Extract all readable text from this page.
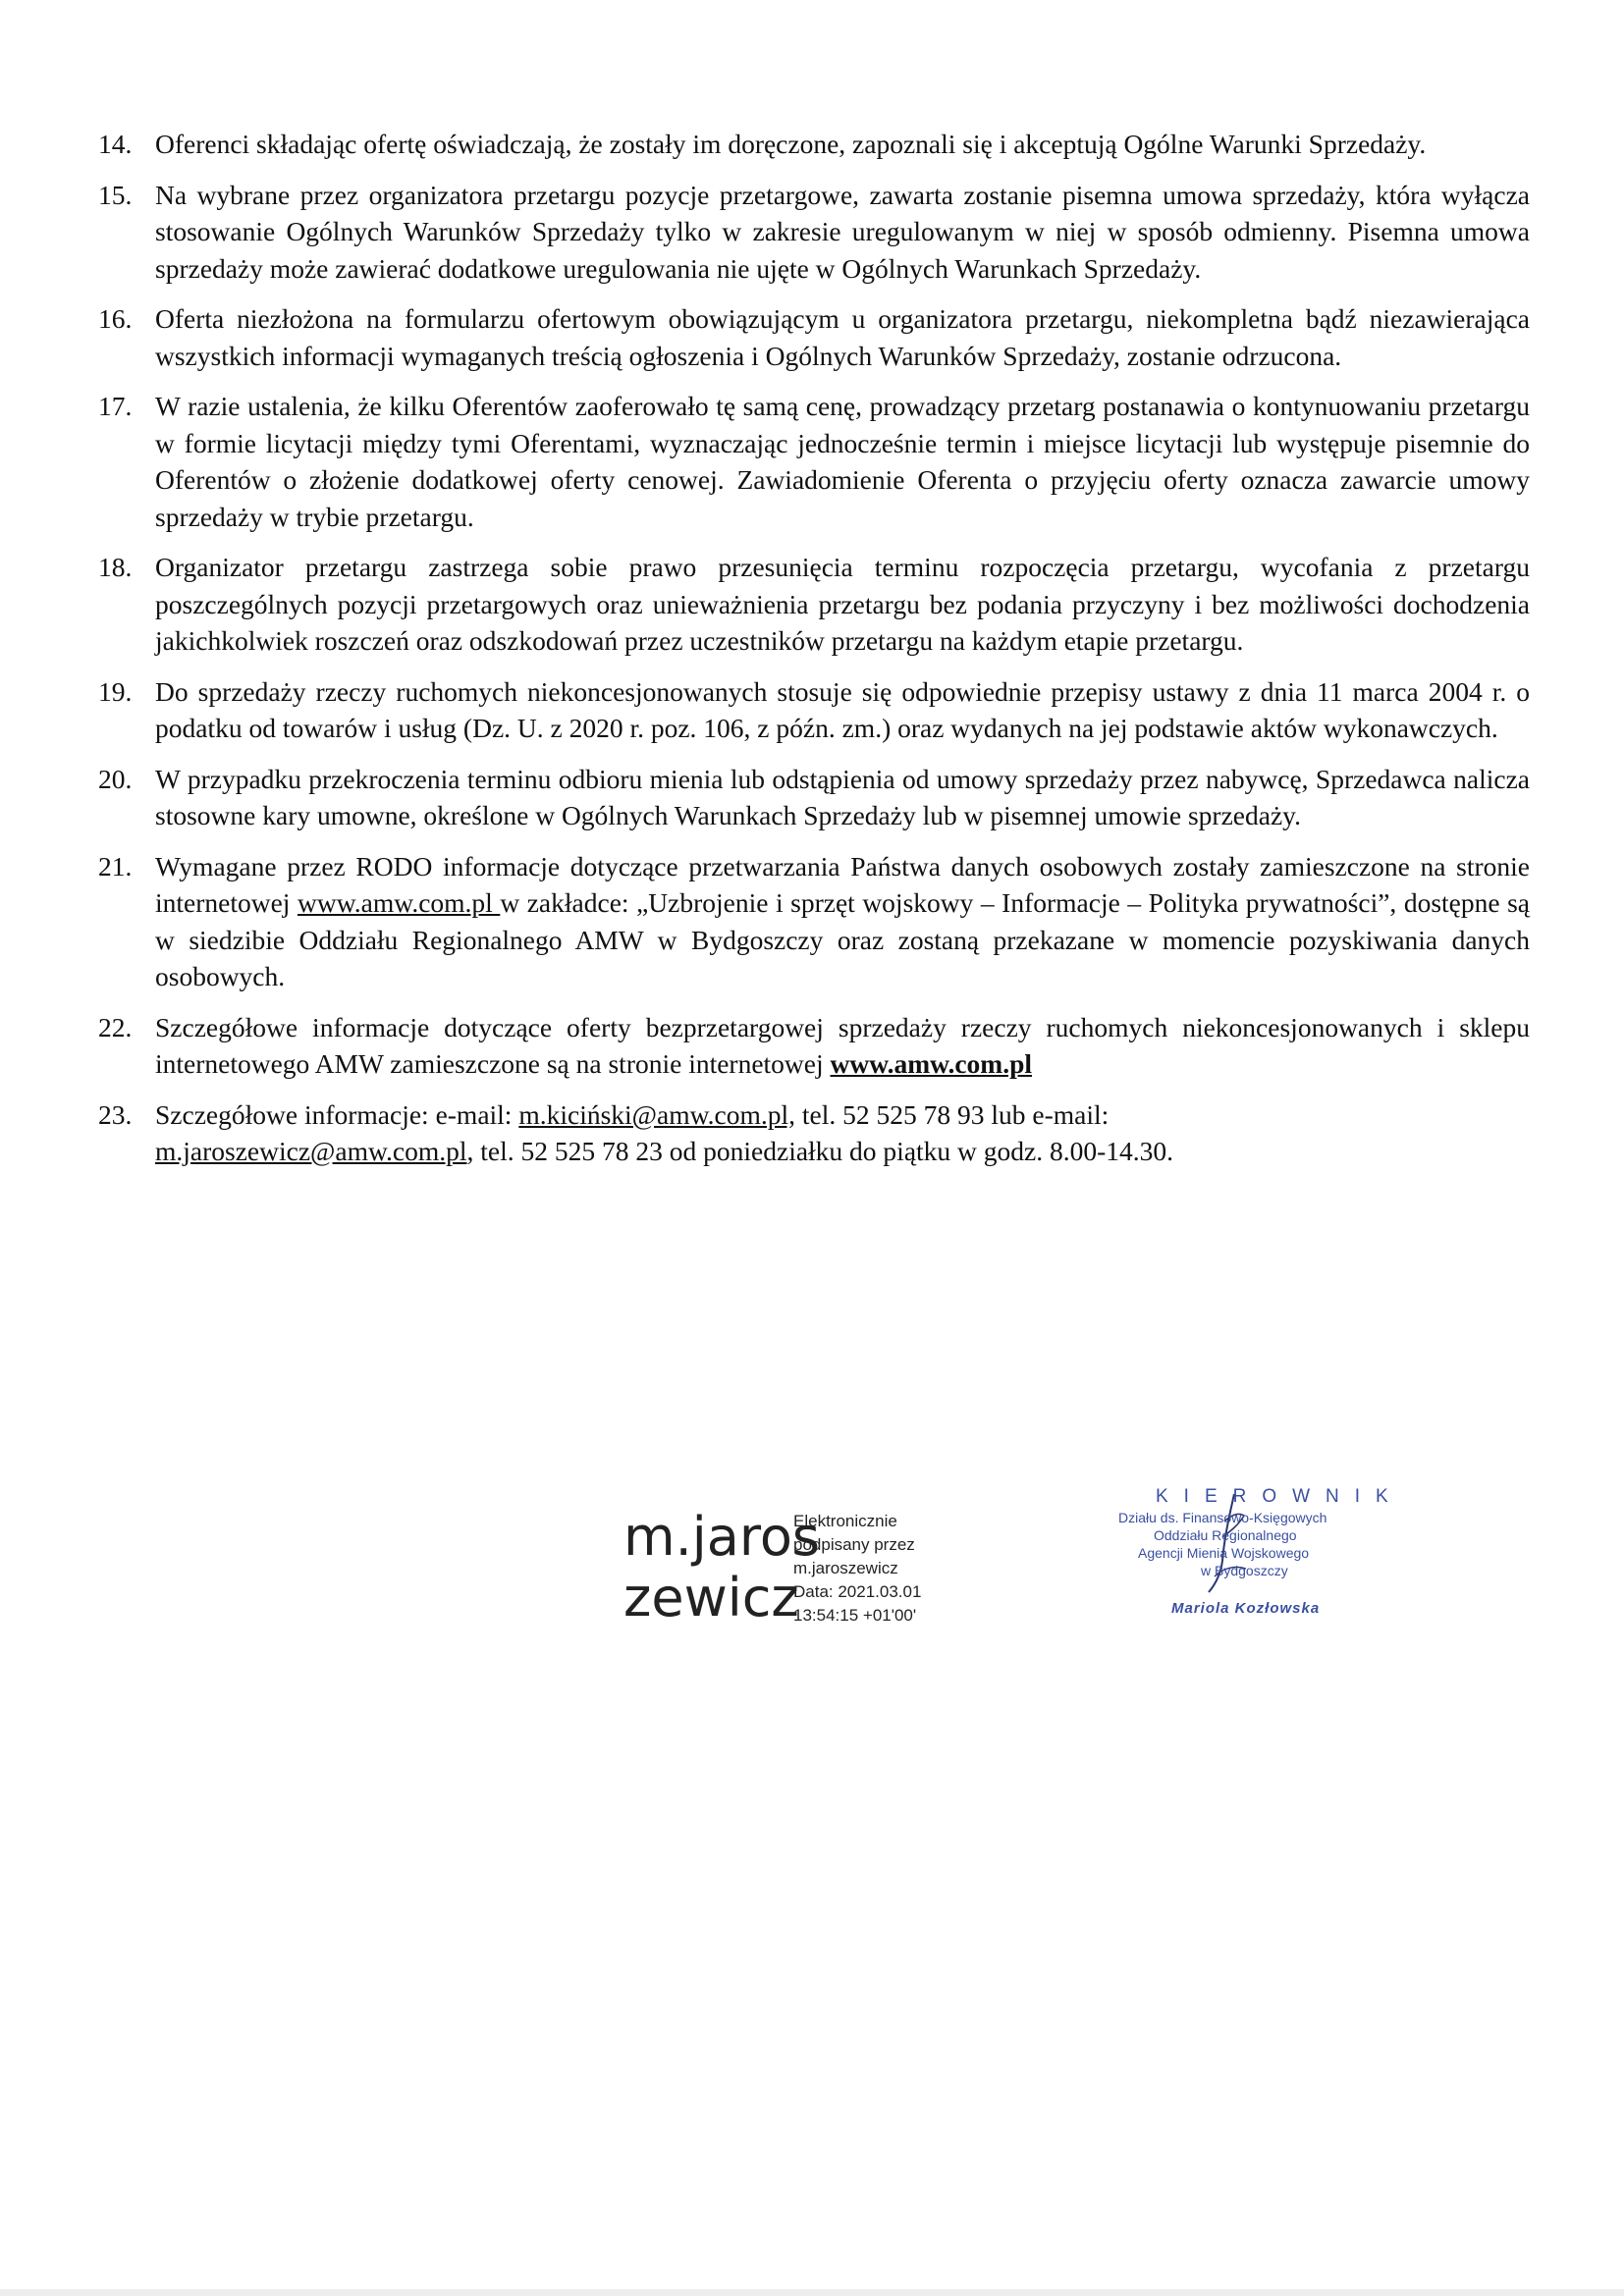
14. Oferenci składając ofertę oświadczają, że zostały im doręczone, zapoznali się i akceptują Ogólne Warunki Sprzedaży.
15. Na wybrane przez organizatora przetargu pozycje przetargowe, zawarta zostanie pisemna umowa sprzedaży, która wyłącza stosowanie Ogólnych Warunków Sprzedaży tylko w zakresie uregulowanym w niej w sposób odmienny. Pisemna umowa sprzedaży może zawierać dodatkowe uregulowania nie ujęte w Ogólnych Warunkach Sprzedaży.
16. Oferta niezłożona na formularzu ofertowym obowiązującym u organizatora przetargu, niekompletna bądź niezawierająca wszystkich informacji wymaganych treścią ogłoszenia i Ogólnych Warunków Sprzedaży, zostanie odrzucona.
17. W razie ustalenia, że kilku Oferentów zaoferowało tę samą cenę, prowadzący przetarg postanawia o kontynuowaniu przetargu w formie licytacji między tymi Oferentami, wyznaczając jednocześnie termin i miejsce licytacji lub występuje pisemnie do Oferentów o złożenie dodatkowej oferty cenowej. Zawiadomienie Oferenta o przyjęciu oferty oznacza zawarcie umowy sprzedaży w trybie przetargu.
18. Organizator przetargu zastrzega sobie prawo przesunięcia terminu rozpoczęcia przetargu, wycofania z przetargu poszczególnych pozycji przetargowych oraz unieważnienia przetargu bez podania przyczyny i bez możliwości dochodzenia jakichkolwiek roszczeń oraz odszkodowań przez uczestników przetargu na każdym etapie przetargu.
19. Do sprzedaży rzeczy ruchomych niekoncesjonowanych stosuje się odpowiednie przepisy ustawy z dnia 11 marca 2004 r. o podatku od towarów i usług (Dz. U. z 2020 r. poz. 106, z późn. zm.) oraz wydanych na jej podstawie aktów wykonawczych.
20. W przypadku przekroczenia terminu odbioru mienia lub odstąpienia od umowy sprzedaży przez nabywcę, Sprzedawca nalicza stosowne kary umowne, określone w Ogólnych Warunkach Sprzedaży lub w pisemnej umowie sprzedaży.
21. Wymagane przez RODO informacje dotyczące przetwarzania Państwa danych osobowych zostały zamieszczone na stronie internetowej www.amw.com.pl w zakładce: „Uzbrojenie i sprzęt wojskowy – Informacje – Polityka prywatności”, dostępne są w siedzibie Oddziału Regionalnego AMW w Bydgoszczy oraz zostaną przekazane w momencie pozyskiwania danych osobowych.
22. Szczegółowe informacje dotyczące oferty bezprzetargowej sprzedaży rzeczy ruchomych niekoncesjonowanych i sklepu internetowego AMW zamieszczone są na stronie internetowej www.amw.com.pl
23. Szczegółowe informacje: e-mail: m.kiciński@amw.com.pl, tel. 52 525 78 93 lub e-mail:
m.jaroszewicz@amw.com.pl, tel. 52 525 78 23 od poniedziałku do piątku w godz. 8.00-14.30.
m.jaros
zewicz
Elektronicznie
podpisany przez
m.jaroszewicz
Data: 2021.03.01
13:54:15 +01'00'
KIEROWNIK
Działu ds. Finansowo-Księgowych
Oddziału Regionalnego
Agencji Mienia Wojskowego
w Bydgoszczy
Mariola Kozłowska
